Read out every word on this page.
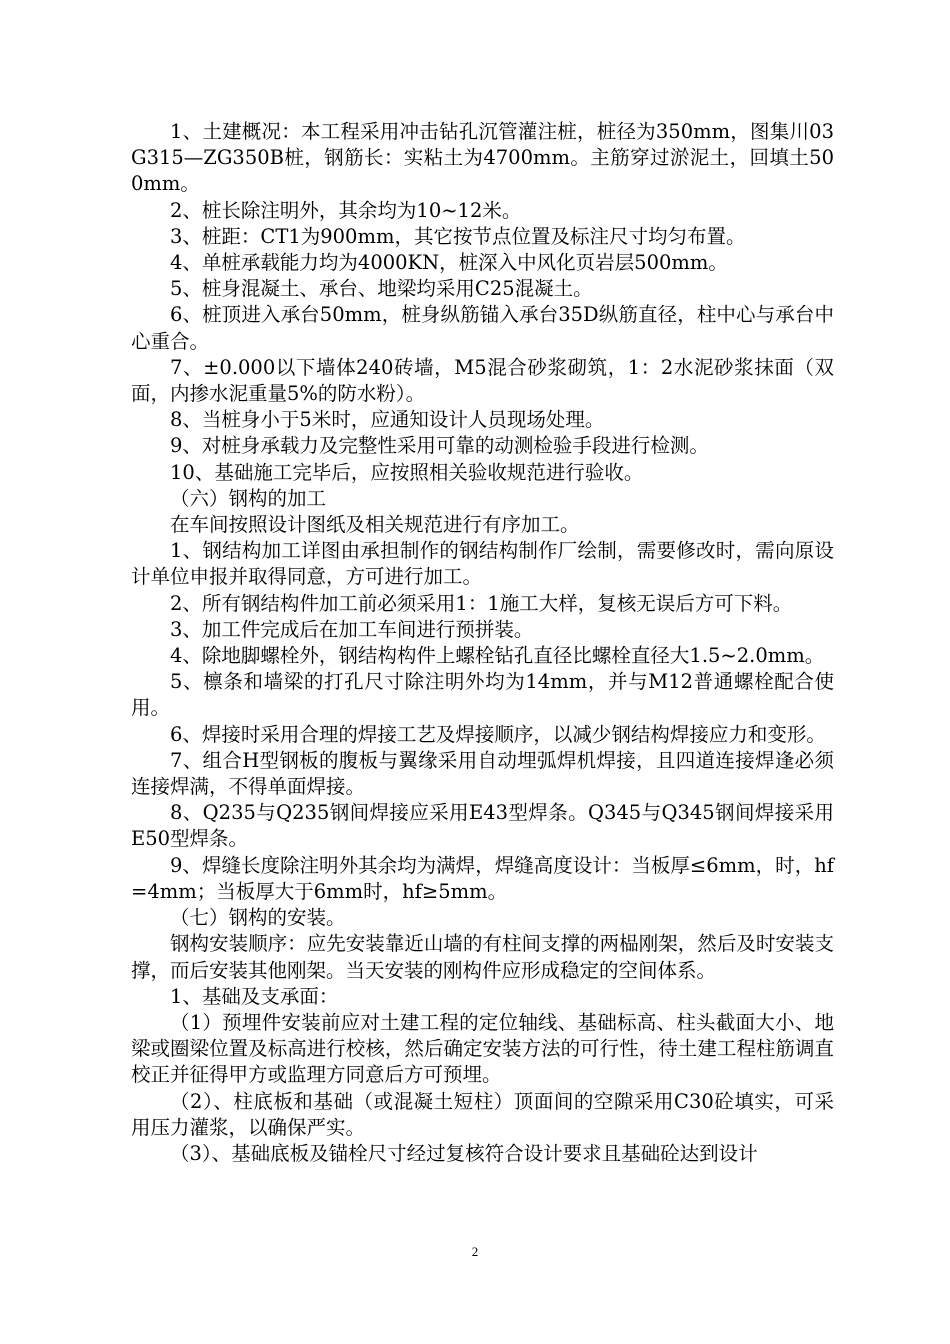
1、土建概况：本工程采用冲击钻孔沉管灌注桩，桩径为350mm，图集川03G315—ZG350B桩，钢筋长：实粘土为4700mm。主筋穿过淤泥土，回填土500mm。

2、桩长除注明外，其余均为10~12米。

3、桩距：CT1为900mm，其它按节点位置及标注尺寸均匀布置。

4、单桩承载能力均为4000KN，桩深入中风化页岩层500mm。

5、桩身混凝土、承台、地梁均采用C25混凝土。

6、桩顶进入承台50mm，桩身纵筋锚入承台35D纵筋直径，柱中心与承台中心重合。

7、±0.000以下墙体240砖墙，M5混合砂浆砌筑，1：2水泥砂浆抹面（双面，内掺水泥重量5%的防水粉）。

8、当桩身小于5米时，应通知设计人员现场处理。

9、对桩身承载力及完整性采用可靠的动测检验手段进行检测。

10、基础施工完毕后，应按照相关验收规范进行验收。

（六）钢构的加工

在车间按照设计图纸及相关规范进行有序加工。

1、钢结构加工详图由承担制作的钢结构制作厂绘制，需要修改时，需向原设计单位申报并取得同意，方可进行加工。

2、所有钢结构件加工前必须采用1：1施工大样，复核无误后方可下料。

3、加工件完成后在加工车间进行预拼装。

4、除地脚螺栓外，钢结构构件上螺栓钻孔直径比螺栓直径大1.5~2.0mm。

5、檩条和墙梁的打孔尺寸除注明外均为14mm，并与M12普通螺栓配合使用。

6、焊接时采用合理的焊接工艺及焊接顺序，以减少钢结构焊接应力和变形。

7、组合H型钢板的腹板与翼缘采用自动埋弧焊机焊接，且四道连接焊逢必须连接焊满，不得单面焊接。

8、Q235与Q235钢间焊接应采用E43型焊条。Q345与Q345钢间焊接采用E50型焊条。

9、焊缝长度除注明外其余均为满焊，焊缝高度设计：当板厚≤6mm，时，hf=4mm；当板厚大于6mm时，hf≥5mm。

（七）钢构的安装。

钢构安装顺序：应先安装靠近山墙的有柱间支撑的两榀刚架，然后及时安装支撑，而后安装其他刚架。当天安装的刚构件应形成稳定的空间体系。

1、基础及支承面：

（1）预埋件安装前应对土建工程的定位轴线、基础标高、柱头截面大小、地梁或圈梁位置及标高进行校核，然后确定安装方法的可行性，待土建工程柱筋调直校正并征得甲方或监理方同意后方可预埋。

（2）、柱底板和基础（或混凝土短柱）顶面间的空隙采用C30砼填实，可采用压力灌浆，以确保严实。

（3）、基础底板及锚栓尺寸经过复核符合设计要求且基础砼达到设计

2
